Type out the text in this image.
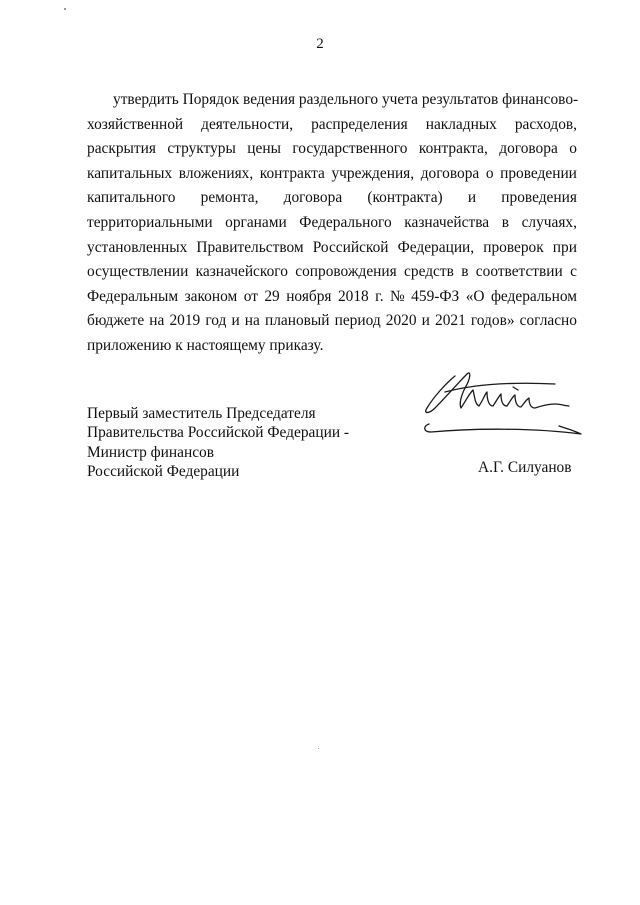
2
утвердить Порядок ведения раздельного учета результатов финансово-
хозяйственной деятельности, распределения накладных расходов,
раскрытия структуры цены государственного контракта, договора о
капитальных вложениях, контракта учреждения, договора о проведении
капитального ремонта, договора (контракта) и проведения
территориальными органами Федерального казначейства в случаях,
установленных Правительством Российской Федерации, проверок при
осуществлении казначейского сопровождения средств в соответствии с
Федеральным законом от 29 ноября 2018 г. № 459-ФЗ «О федеральном
бюджете на 2019 год и на плановый период 2020 и 2021 годов» согласно
приложению к настоящему приказу.
Первый заместитель Председателя
Правительства Российской Федерации -
Министр финансов
Российской Федерации	А.Г. Силуанов
